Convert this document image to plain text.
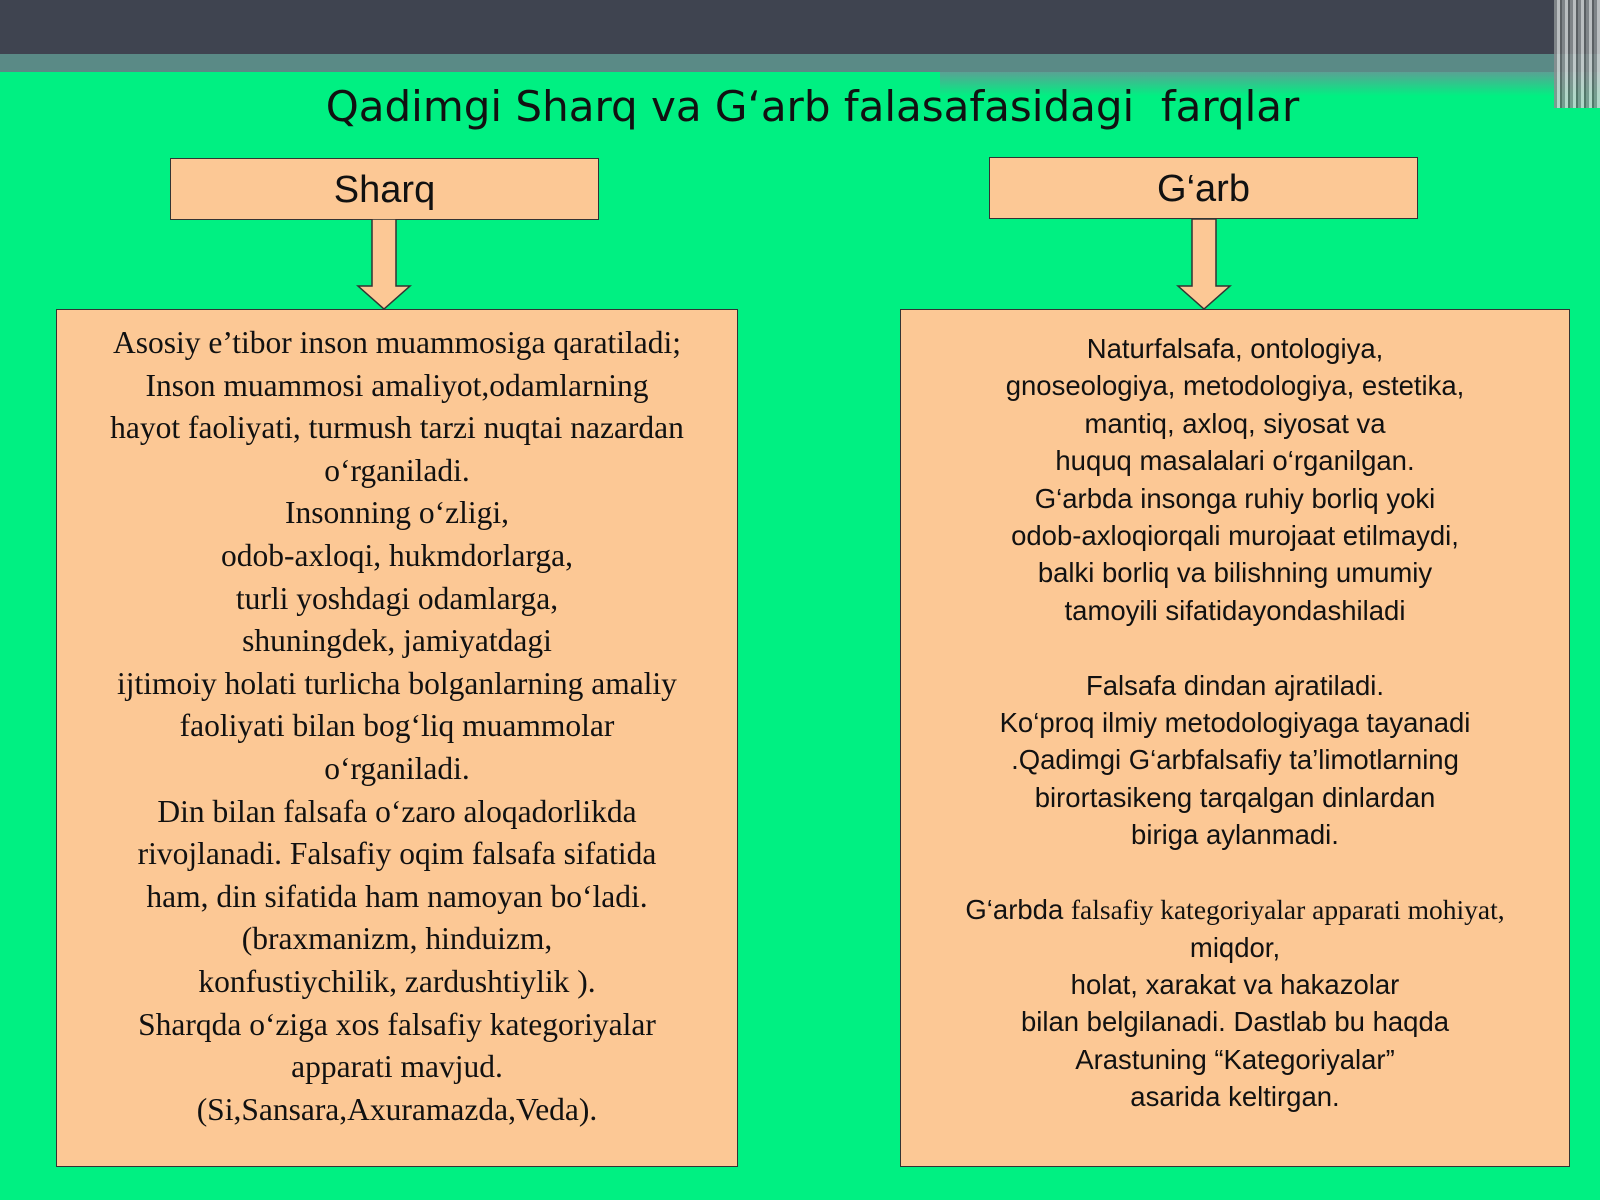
Qadimgi Sharq va G‘arb falasafasidagi  farqlar
Sharq	G‘arb
Asosiy e’tibor inson muammosiga qaratiladi;
Inson muammosi amaliyot,odamlarning
hayot faoliyati, turmush tarzi nuqtai nazardan
o‘rganiladi.
Insonning o‘zligi,
odob-axloqi, hukmdorlarga,
turli yoshdagi odamlarga,
shuningdek, jamiyatdagi
ijtimoiy holati turlicha bolganlarning amaliy
faoliyati bilan bog‘liq muammolar
o‘rganiladi.
Din bilan falsafa o‘zaro aloqadorlikda
rivojlanadi. Falsafiy oqim falsafa sifatida
ham, din sifatida ham namoyan bo‘ladi.
(braxmanizm, hinduizm,
konfustiychilik, zardushtiylik ).
Sharqda o‘ziga xos falsafiy kategoriyalar
apparati mavjud.
(Si,Sansara,Axuramazda,Veda).
Naturfalsafa, ontologiya,
gnoseologiya, metodologiya, estetika,
mantiq, axloq, siyosat va
huquq masalalari o‘rganilgan.
G‘arbda insonga ruhiy borliq yoki
odob-axloqiorqali murojaat etilmaydi,
balki borliq va bilishning umumiy
tamoyili sifatidayondashiladi

Falsafa dindan ajratiladi.
Ko‘proq ilmiy metodologiyaga tayanadi
.Qadimgi G‘arbfalsafiy ta’limotlarning
birortasikeng tarqalgan dinlardan
biriga aylanmadi.

G‘arbda falsafiy kategoriyalar apparati mohiyat,
miqdor,
holat, xarakat va hakazolar
bilan belgilanadi. Dastlab bu haqda
Arastuning “Kategoriyalar”
asarida keltirgan.
